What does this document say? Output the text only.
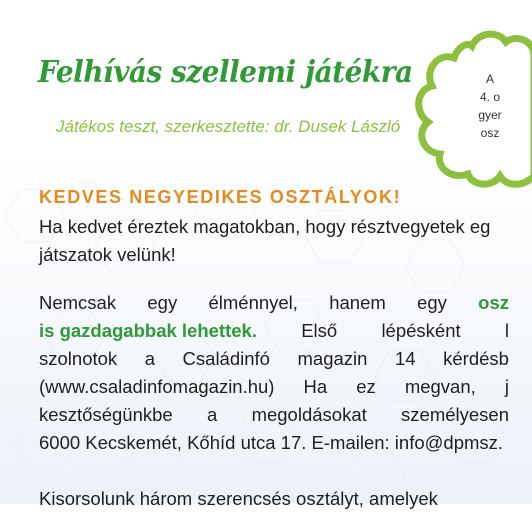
Felhívás szellemi játékra
Játékos teszt, szerkesztette: dr. Dusek László
A
4. o
gyer
osz
KEDVES NEGYEDIKES OSZTÁLYOK!
Ha kedvet éreztek magatokban, hogy résztvegyetek eg
játszatok velünk!
Nemcsak egy élménnyel, hanem egy osz
is gazdagabbak lehettek. Első lépésként l
szolnotok a Családinfó magazin 14 kérdésb
(www.csaladinfomagazin.hu) Ha ez megvan, j
kesztőségünkbe a megoldásokat személyesen
6000 Kecskemét, Kőhíd utca 17. E-mailen: info@dpmsz.
Kisorsolunk három szerencsés osztályt, amelyek
